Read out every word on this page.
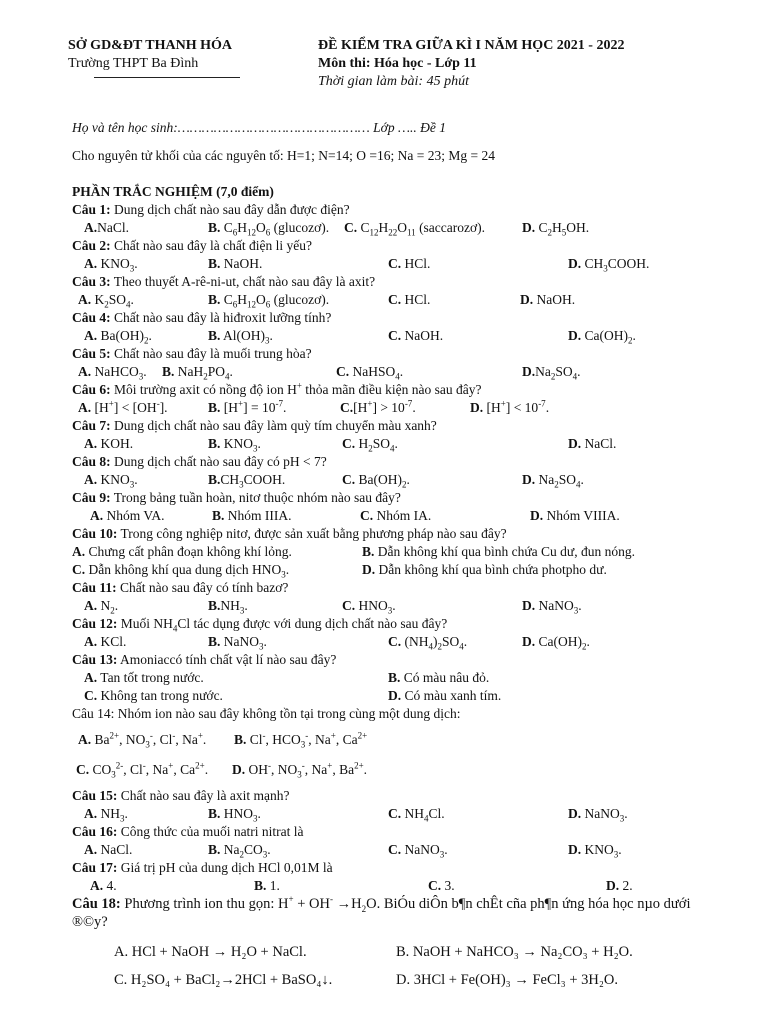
SỞ GD&ĐT THANH HÓA
Trường THPT Ba Đình
ĐỀ KIỂM TRA GIỮA KÌ I NĂM HỌC 2021 - 2022
Môn thi: Hóa học - Lớp 11
Thời gian làm bài: 45 phút
Họ và tên học sinh:………………………………………… Lớp ….. Đề 1
Cho nguyên tử khối của các nguyên tố: H=1; N=14; O =16; Na = 23; Mg = 24
PHẦN TRẮC NGHIỆM (7,0 điểm)
Câu 1: Dung dịch chất nào sau đây dẫn được điện?
A.NaCl.	B. $C_6H_{12}O_6$ (glucozơ). C. $C_{12}H_{22}O_{11}$ (saccarozơ).	D. $C_2H_5OH$.
Câu 2: Chất nào sau đây là chất điện li yếu?
A. $KNO_3$.	B. NaOH.	C. HCl.	D. $CH_3COOH$.
Câu 3: Theo thuyết A-rê-ni-ut, chất nào sau đây là axit?
A. $K_2SO_4$.	B. $C_6H_{12}O_6$ (glucozơ).	C. HCl.	D. NaOH.
Câu 4: Chất nào sau đây là hiđroxit lưỡng tính?
A. $Ba(OH)_2$.	B. $Al(OH)_3$.	C. NaOH.	D. $Ca(OH)_2$.
Câu 5: Chất nào sau đây là muối trung hòa?
A. NaHCO$_3$. B. $NaH_2PO_4$.	C. NaHSO$_4$.	$D.Na_2SO_4$.
Câu 6: Môi trường axit có nồng độ ion H+ thỏa mãn điều kiện nào sau đây?
A. [H+] < [OH-].	B. $[H^+] = 10^{-7}$.	$C.[H^+] > 10^{-7}$.	D. $[H^+] < 10^{-7}$.
Câu 7: Dung dịch chất nào sau đây làm quỳ tím chuyển màu xanh?
A. KOH.	B. $KNO_3$.	C. $H_2SO_4$.	D. NaCl.
Câu 8: Dung dịch chất nào sau đây có pH < 7?
A. $KNO_3$.	$B.CH_3COOH$.	C. $Ba(OH)_2$.	D. $Na_2SO_4$.
Câu 9: Trong bảng tuần hoàn, nitơ thuộc nhóm nào sau đây?
A. Nhóm VA.	B. Nhóm IIIA.	C. Nhóm IA.	D. Nhóm VIIIA.
Câu 10: Trong công nghiệp nitơ, được sản xuất bằng phương pháp nào sau đây?
A. Chưng cất phân đoạn không khí lỏng.	B. Dẫn không khí qua bình chứa Cu dư, đun nóng.
C. Dẫn không khí qua dung dịch $HNO_3$.	D. Dẫn không khí qua bình chứa photpho dư.
Câu 11: Chất nào sau đây có tính bazơ?
A. $N_2$.	$B.NH_3$.	C. $HNO_3$.	D. NaNO$_3$.
Câu 12: Muối $NH_4Cl$ tác dụng được với dung dịch chất nào sau đây?
A. KCl.	B. NaNO$_3$.	C. $(NH_4)_2SO_4$.	D. $Ca(OH)_2$.
Câu 13: Amoniaccó tính chất vật lí nào sau đây?
A. Tan tốt trong nước.	B. Có màu nâu đỏ.
C. Không tan trong nước.	D. Có màu xanh tím.
Câu 14: Nhóm ion nào sau đây không tồn tại trong cùng một dung dịch:
A. $Ba^{2+}$, $NO_3^-$, Cl-, Na+. B. Cl-, $HCO_3^-$, Na+, $Ca^{2+}$
C. $CO_3^{2-}$, Cl-, Na+, $Ca^{2+}$. D. OH-, $NO_3^-$, Na+, $Ba^{2+}$.
Câu 15: Chất nào sau đây là axit mạnh?
A. $NH_3$.	B. $HNO_3$.	C. $NH_4Cl$.	D. NaNO$_3$.
Câu 16: Công thức của muối natri nitrat là
A. NaCl.	B. $Na_2CO_3$.	C. NaNO$_3$.	D. $KNO_3$.
Câu 17: Giá trị pH của dung dịch HCl 0,01M là
A. 4.	B. 1.	C. 3.	D. 2.
Câu 18: Phương trình ion thu gọn: $H^+ + OH^- \to H_2O$. BiÓu diÔn b¶n chÊt cña ph¶n ứng hóa học nµo dưới
®©y?
A. HCl + NaOH → H₂O + NaCl.	B. NaOH + NaHCO₃ → Na₂CO₃ + H₂O.
C. H₂SO₄ + BaCl₂→2HCl + BaSO₄↓.	D. 3HCl + Fe(OH)₃ → FeCl₃ + 3H₂O.
